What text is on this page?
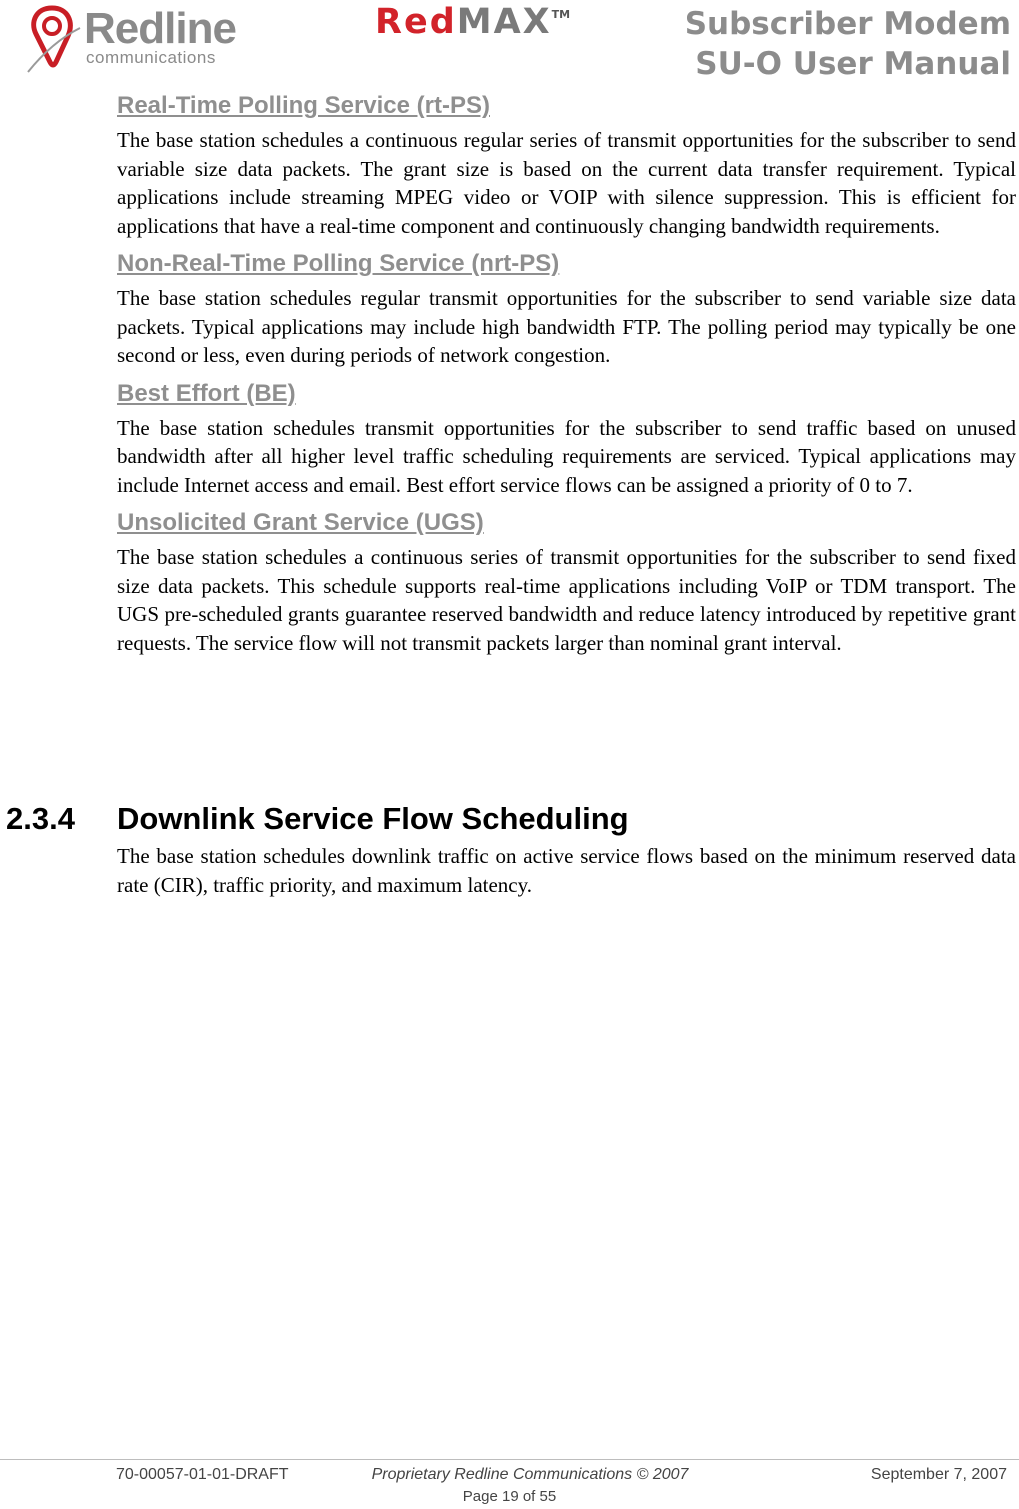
Redline
communications
RedMAX™	Subscriber Modem
SU-O User Manual
Real-Time Polling Service (rt-PS)

The base station schedules a continuous regular series of transmit opportunities for the subscriber to send variable size data packets. The grant size is based on the current data transfer requirement. Typical applications include streaming MPEG video or VOIP with silence suppression. This is efficient for applications that have a real-time component and continuously changing bandwidth requirements.

Non-Real-Time Polling Service (nrt-PS)

The base station schedules regular transmit opportunities for the subscriber to send variable size data packets. Typical applications may include high bandwidth FTP. The polling period may typically be one second or less, even during periods of network congestion.

Best Effort (BE)

The base station schedules transmit opportunities for the subscriber to send traffic based on unused bandwidth after all higher level traffic scheduling requirements are serviced. Typical applications may include Internet access and email. Best effort service flows can be assigned a priority of 0 to 7.

Unsolicited Grant Service (UGS)

The base station schedules a continuous series of transmit opportunities for the subscriber to send fixed size data packets. This schedule supports real-time applications including VoIP or TDM transport. The UGS pre-scheduled grants guarantee reserved bandwidth and reduce latency introduced by repetitive grant requests. The service flow will not transmit packets larger than nominal grant interval.

2.3.4 Downlink Service Flow Scheduling

The base station schedules downlink traffic on active service flows based on the minimum reserved data rate (CIR), traffic priority, and maximum latency.

70-00057-01-01-DRAFT	Proprietary Redline Communications © 2007	September 7, 2007
Page 19 of 55
